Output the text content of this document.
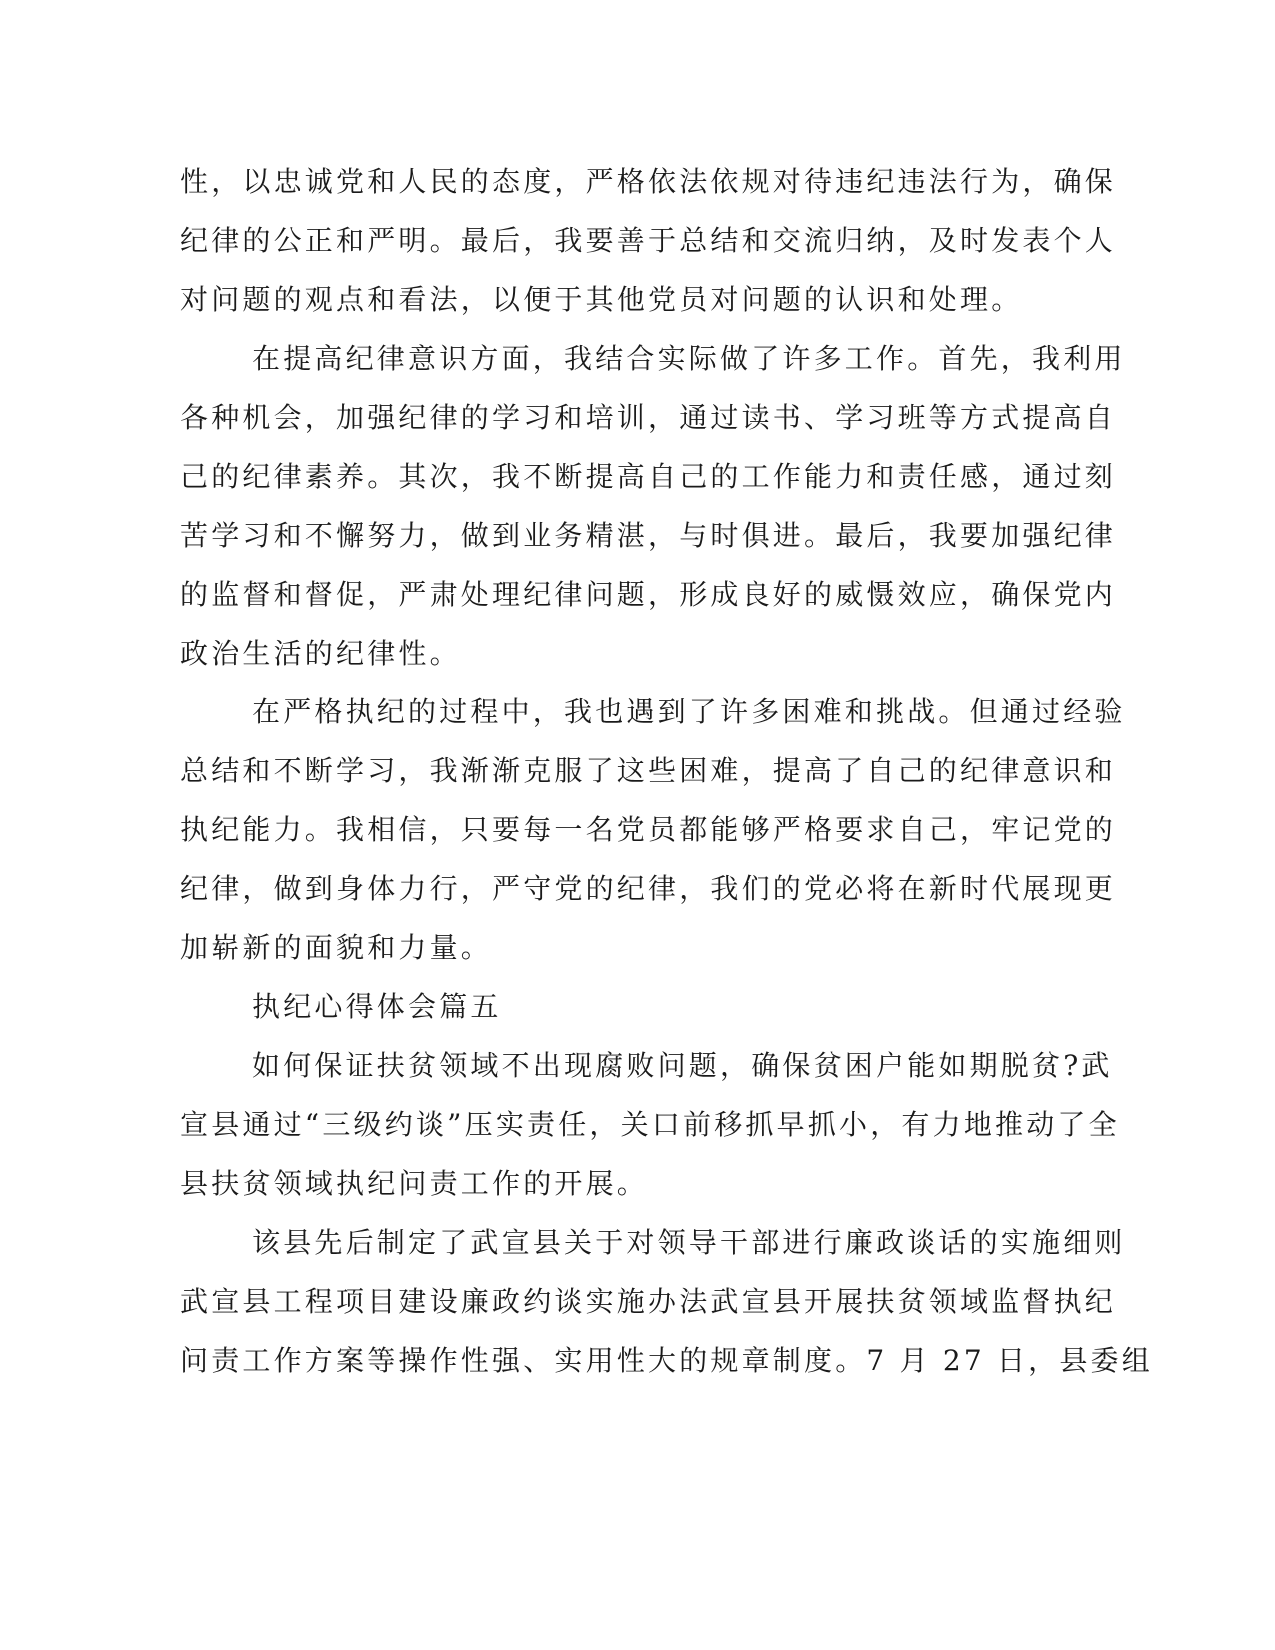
性，以忠诚党和人民的态度，严格依法依规对待违纪违法行为，确保
纪律的公正和严明。最后，我要善于总结和交流归纳，及时发表个人
对问题的观点和看法，以便于其他党员对问题的认识和处理。
在提高纪律意识方面，我结合实际做了许多工作。首先，我利用
各种机会，加强纪律的学习和培训，通过读书、学习班等方式提高自
己的纪律素养。其次，我不断提高自己的工作能力和责任感，通过刻
苦学习和不懈努力，做到业务精湛，与时俱进。最后，我要加强纪律
的监督和督促，严肃处理纪律问题，形成良好的威慑效应，确保党内
政治生活的纪律性。
在严格执纪的过程中，我也遇到了许多困难和挑战。但通过经验
总结和不断学习，我渐渐克服了这些困难，提高了自己的纪律意识和
执纪能力。我相信，只要每一名党员都能够严格要求自己，牢记党的
纪律，做到身体力行，严守党的纪律，我们的党必将在新时代展现更
加崭新的面貌和力量。
执纪心得体会篇五
如何保证扶贫领域不出现腐败问题，确保贫困户能如期脱贫?武
宣县通过“三级约谈”压实责任，关口前移抓早抓小，有力地推动了全
县扶贫领域执纪问责工作的开展。
该县先后制定了武宣县关于对领导干部进行廉政谈话的实施细则
武宣县工程项目建设廉政约谈实施办法武宣县开展扶贫领域监督执纪
问责工作方案等操作性强、实用性大的规章制度。7 月 27 日，县委组
